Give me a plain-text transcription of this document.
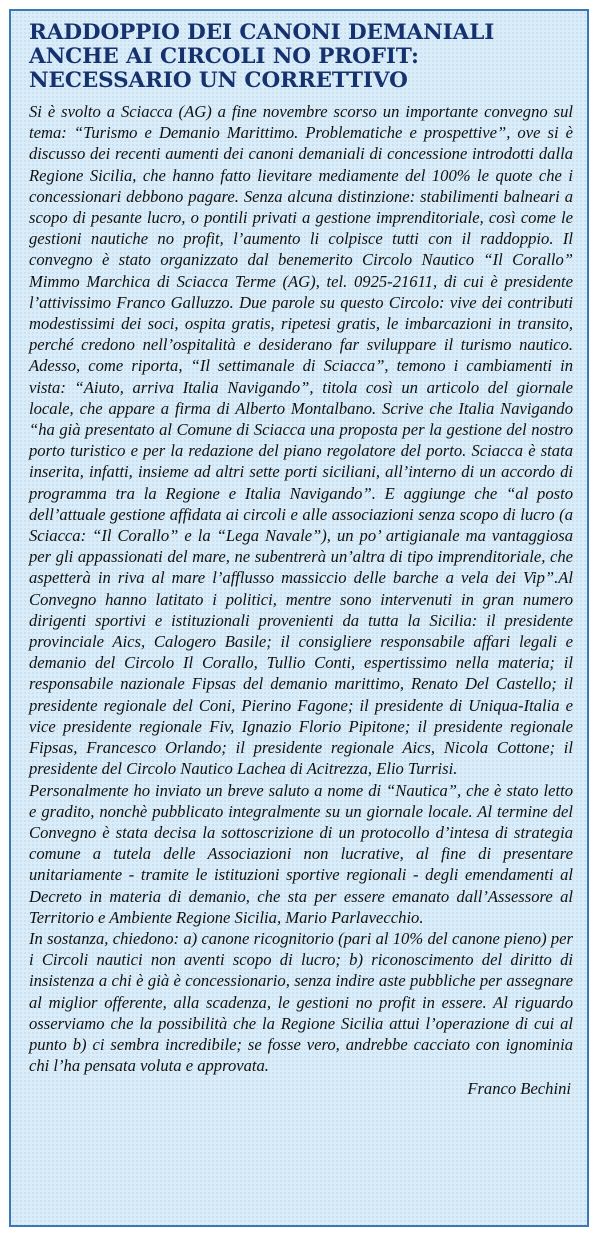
RADDOPPIO DEI CANONI DEMANIALI
ANCHE AI CIRCOLI NO PROFIT:
NECESSARIO UN CORRETTIVO

Si è svolto a Sciacca (AG) a fine novembre scorso un importante convegno sul tema: “Turismo e Demanio Marittimo. Problematiche e prospettive”, ove si è discusso dei recenti aumenti dei canoni demaniali di concessione introdotti dalla Regione Sicilia, che hanno fatto lievitare mediamente del 100% le quote che i concessionari debbono pagare. Senza alcuna distinzione: stabilimenti balneari a scopo di pesante lucro, o pontili privati a gestione imprenditoriale, così come le gestioni nautiche no profit, l’aumento li colpisce tutti con il raddoppio. Il convegno è stato organizzato dal benemerito Circolo Nautico “Il Corallo” Mimmo Marchica di Sciacca Terme (AG), tel. 0925-21611, di cui è presidente l’attivissimo Franco Galluzzo. Due parole su questo Circolo: vive dei contributi modestissimi dei soci, ospita gratis, ripetesi gratis, le imbarcazioni in transito, perché credono nell’ospitalità e desiderano far sviluppare il turismo nautico. Adesso, come riporta, “Il settimanale di Sciacca”, temono i cambiamenti in vista: “Aiuto, arriva Italia Navigando”, titola così un articolo del giornale locale, che appare a firma di Alberto Montalbano. Scrive che Italia Navigando “ha già presentato al Comune di Sciacca una proposta per la gestione del nostro porto turistico e per la redazione del piano regolatore del porto. Sciacca è stata inserita, infatti, insieme ad altri sette porti siciliani, all’interno di un accordo di programma tra la Regione e Italia Navigando”. E aggiunge che “al posto dell’attuale gestione affidata ai circoli e alle associazioni senza scopo di lucro (a Sciacca: “Il Corallo” e la “Lega Navale”), un po’ artigianale ma vantaggiosa per gli appassionati del mare, ne subentrerà un’altra di tipo imprenditoriale, che aspetterà in riva al mare l’afflusso massiccio delle barche a vela dei Vip”.Al Convegno hanno latitato i politici, mentre sono intervenuti in gran numero dirigenti sportivi e istituzionali provenienti da tutta la Sicilia: il presidente provinciale Aics, Calogero Basile; il consigliere responsabile affari legali e demanio del Circolo Il Corallo, Tullio Conti, espertissimo nella materia; il responsabile nazionale Fipsas del demanio marittimo, Renato Del Castello; il presidente regionale del Coni, Pierino Fagone; il presidente di Uniqua-Italia e vice presidente regionale Fiv, Ignazio Florio Pipitone; il presidente regionale Fipsas, Francesco Orlando; il presidente regionale Aics, Nicola Cottone; il presidente del Circolo Nautico Lachea di Acitrezza, Elio Turrisi.

Personalmente ho inviato un breve saluto a nome di “Nautica”, che è stato letto e gradito, nonchè pubblicato integralmente su un giornale locale. Al termine del Convegno è stata decisa la sottoscrizione di un protocollo d’intesa di strategia comune a tutela delle Associazioni non lucrative, al fine di presentare unitariamente - tramite le istituzioni sportive regionali - degli emendamenti al Decreto in materia di demanio, che sta per essere emanato dall’Assessore al Territorio e Ambiente Regione Sicilia, Mario Parlavecchio.

In sostanza, chiedono: a) canone ricognitorio (pari al 10% del canone pieno) per i Circoli nautici non aventi scopo di lucro; b) riconoscimento del diritto di insistenza a chi è già è concessionario, senza indire aste pubbliche per assegnare al miglior offerente, alla scadenza, le gestioni no profit in essere. Al riguardo osserviamo che la possibilità che la Regione Sicilia attui l’operazione di cui al punto b) ci sembra incredibile; se fosse vero, andrebbe cacciato con ignominia chi l’ha pensata voluta e approvata.

Franco Bechini
